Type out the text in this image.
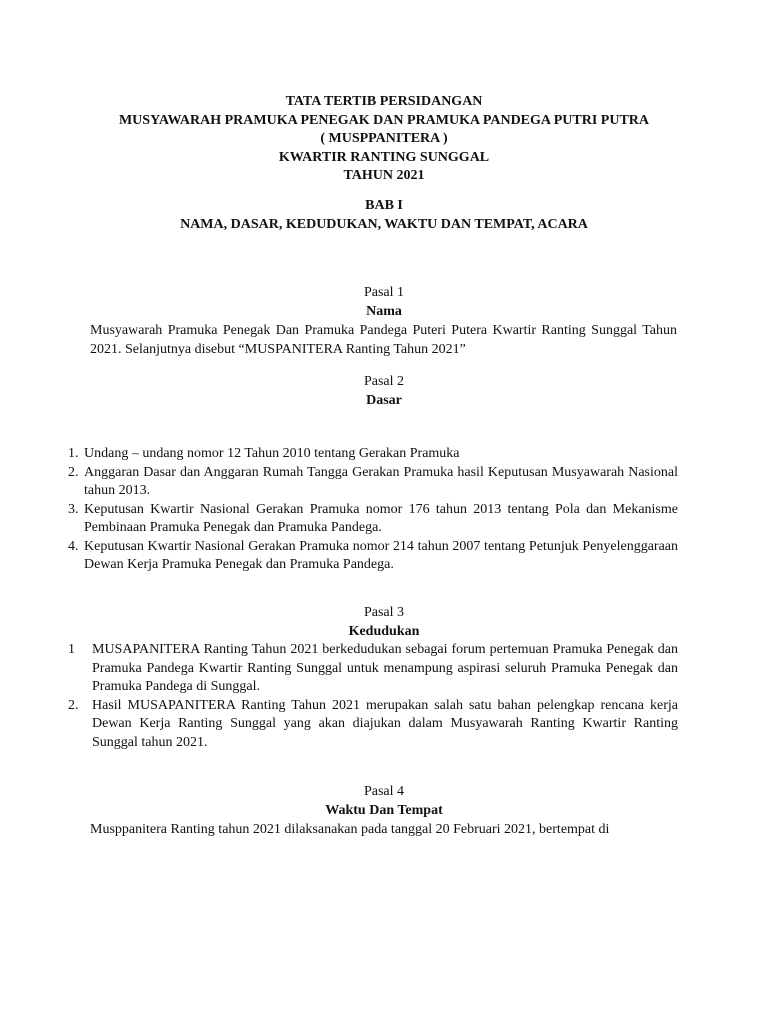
TATA TERTIB PERSIDANGAN
MUSYAWARAH PRAMUKA PENEGAK DAN PRAMUKA PANDEGA PUTRI PUTRA
( MUSPPANITERA )
KWARTIR RANTING SUNGGAL
TAHUN 2021
BAB I
NAMA, DASAR, KEDUDUKAN, WAKTU DAN TEMPAT, ACARA
Pasal 1
Nama
Musyawarah Pramuka Penegak Dan Pramuka Pandega Puteri Putera Kwartir Ranting Sunggal Tahun 2021. Selanjutnya disebut “MUSPANITERA Ranting Tahun 2021”
Pasal 2
Dasar
1. Undang – undang nomor 12 Tahun 2010 tentang Gerakan Pramuka
2. Anggaran Dasar dan Anggaran Rumah Tangga Gerakan Pramuka hasil Keputusan Musyawarah Nasional tahun 2013.
3. Keputusan Kwartir Nasional Gerakan Pramuka nomor 176 tahun 2013 tentang Pola dan Mekanisme Pembinaan Pramuka Penegak dan Pramuka Pandega.
4. Keputusan Kwartir Nasional Gerakan Pramuka nomor 214 tahun 2007 tentang Petunjuk Penyelenggaraan Dewan Kerja Pramuka Penegak dan Pramuka Pandega.
Pasal 3
Kedudukan
1 MUSAPANITERA Ranting Tahun 2021 berkedudukan sebagai forum pertemuan Pramuka Penegak dan Pramuka Pandega Kwartir Ranting Sunggal untuk menampung aspirasi seluruh Pramuka Penegak dan Pramuka Pandega di Sunggal.
2. Hasil MUSAPANITERA Ranting Tahun 2021 merupakan salah satu bahan pelengkap rencana kerja Dewan Kerja Ranting Sunggal yang akan diajukan dalam Musyawarah Ranting Kwartir Ranting Sunggal tahun 2021.
Pasal 4
Waktu Dan Tempat
Musppanitera Ranting tahun 2021 dilaksanakan pada tanggal 20 Februari 2021, bertempat di
